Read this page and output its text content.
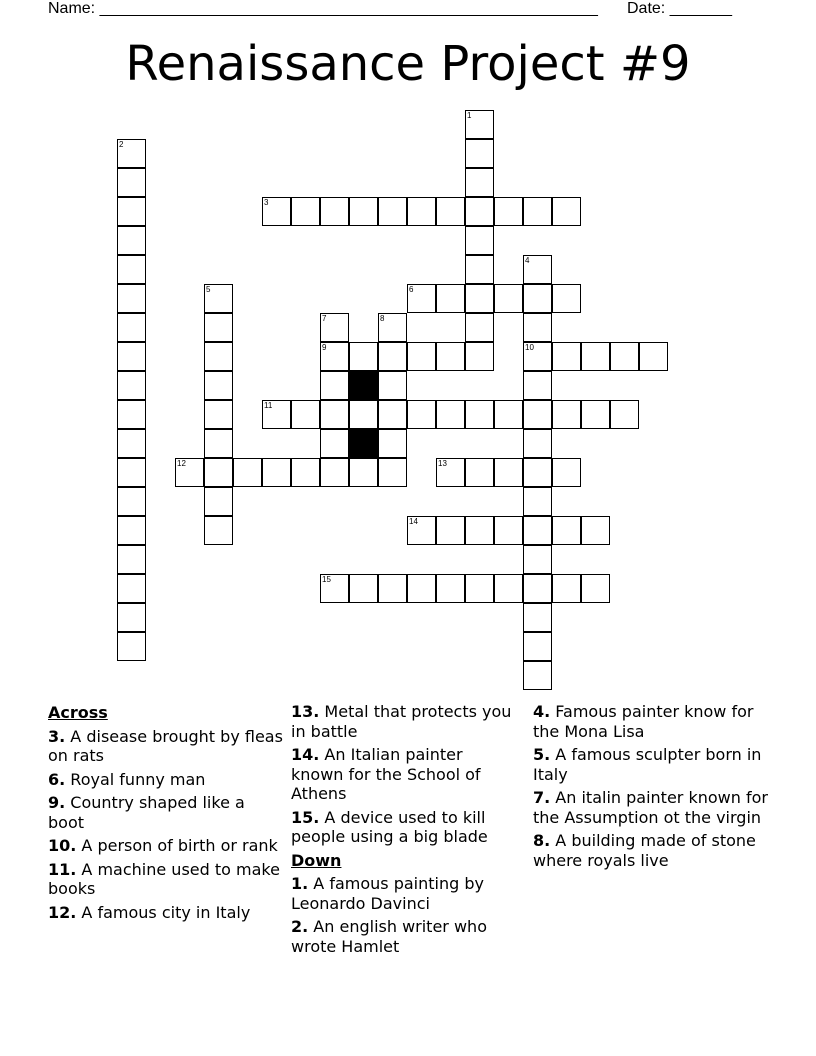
Name: ________________________________________________________ Date: _______
Renaissance Project #9
1
2
3
4
10
5	6
7
9
8
11
12	13
14
15
Across
3. A disease brought by fleas on rats
6. Royal funny man
9. Country shaped like a boot
10. A person of birth or rank
11. A machine used to make books
12. A famous city in Italy
13. Metal that protects you in battle
14. An Italian painter known for the School of Athens
15. A device used to kill people using a big blade
Down
1. A famous painting by Leonardo Davinci
2. An english writer who wrote Hamlet
4. Famous painter know for the Mona Lisa
5. A famous sculpter born in Italy
7. An italin painter known for the Assumption ot the virgin
8. A building made of stone where royals live
